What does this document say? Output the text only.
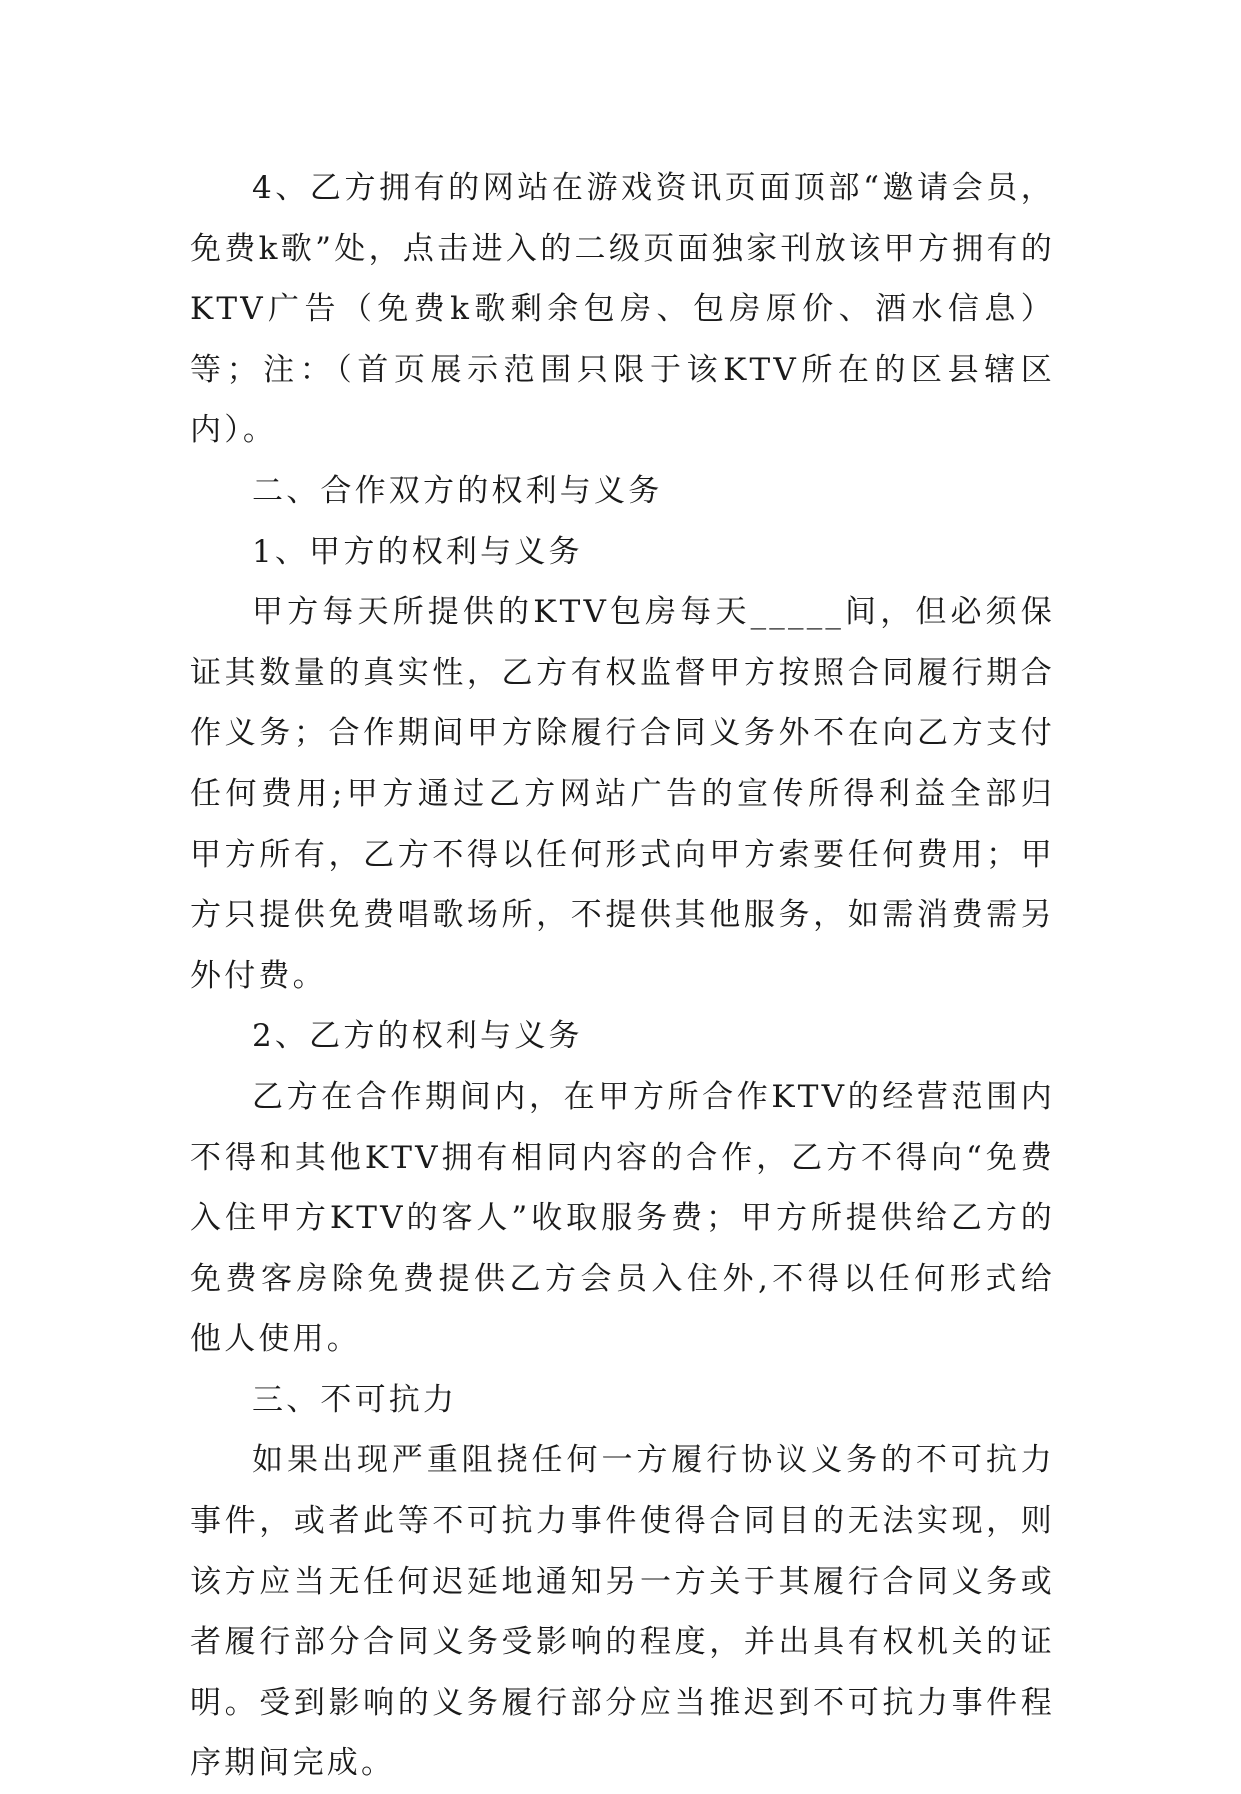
4、乙方拥有的网站在游戏资讯页面顶部“邀请会员，免费k歌”处，点击进入的二级页面独家刊放该甲方拥有的KTV广告（免费k歌剩余包房、包房原价、酒水信息）等；注：（首页展示范围只限于该KTV所在的区县辖区内）。

二、合作双方的权利与义务

1、甲方的权利与义务

甲方每天所提供的KTV包房每天_____间，但必须保证其数量的真实性，乙方有权监督甲方按照合同履行期合作义务；合作期间甲方除履行合同义务外不在向乙方支付任何费用;甲方通过乙方网站广告的宣传所得利益全部归甲方所有，乙方不得以任何形式向甲方索要任何费用；甲方只提供免费唱歌场所，不提供其他服务，如需消费需另外付费。

2、乙方的权利与义务

乙方在合作期间内，在甲方所合作KTV的经营范围内不得和其他KTV拥有相同内容的合作，乙方不得向“免费入住甲方KTV的客人”收取服务费；甲方所提供给乙方的免费客房除免费提供乙方会员入住外,不得以任何形式给他人使用。

三、不可抗力

如果出现严重阻挠任何一方履行协议义务的不可抗力事件，或者此等不可抗力事件使得合同目的无法实现，则该方应当无任何迟延地通知另一方关于其履行合同义务或者履行部分合同义务受影响的程度，并出具有权机关的证明。受到影响的义务履行部分应当推迟到不可抗力事件程序期间完成。
